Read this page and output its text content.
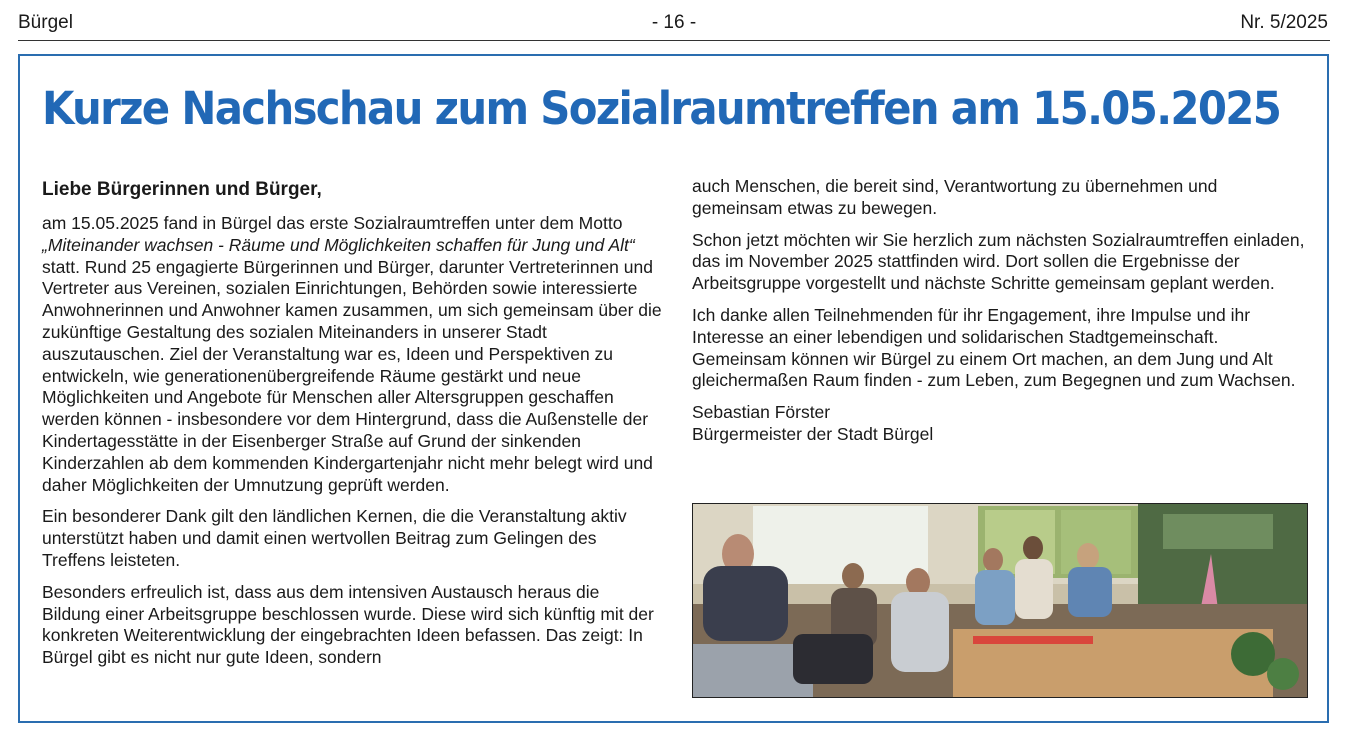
Bürgel	- 16 -	Nr. 5/2025
Kurze Nachschau zum Sozialraumtreffen am 15.05.2025

Liebe Bürgerinnen und Bürger,

am 15.05.2025 fand in Bürgel das erste Sozialraumtreffen unter dem Motto „Miteinander wachsen - Räume und Möglichkeiten schaffen für Jung und Alt“ statt. Rund 25 engagierte Bürgerinnen und Bürger, darunter Vertreterinnen und Vertreter aus Vereinen, sozialen Einrichtungen, Behörden sowie interessierte Anwohnerinnen und Anwohner kamen zusammen, um sich gemeinsam über die zukünftige Gestaltung des sozialen Miteinanders in unserer Stadt auszutauschen. Ziel der Veranstaltung war es, Ideen und Perspektiven zu entwickeln, wie generationenübergreifende Räume gestärkt und neue Möglichkeiten und Angebote für Menschen aller Altersgruppen geschaffen werden können - insbesondere vor dem Hintergrund, dass die Außenstelle der Kindertagesstätte in der Eisenberger Straße auf Grund der sinkenden Kinderzahlen ab dem kommenden Kindergartenjahr nicht mehr belegt wird und daher Möglichkeiten der Umnutzung geprüft werden.

Ein besonderer Dank gilt den ländlichen Kernen, die die Veranstaltung aktiv unterstützt haben und damit einen wertvollen Beitrag zum Gelingen des Treffens leisteten.

Besonders erfreulich ist, dass aus dem intensiven Austausch heraus die Bildung einer Arbeitsgruppe beschlossen wurde. Diese wird sich künftig mit der konkreten Weiterentwicklung der eingebrachten Ideen befassen. Das zeigt: In Bürgel gibt es nicht nur gute Ideen, sondern

auch Menschen, die bereit sind, Verantwortung zu übernehmen und gemeinsam etwas zu bewegen.

Schon jetzt möchten wir Sie herzlich zum nächsten Sozialraumtreffen einladen, das im November 2025 stattfinden wird. Dort sollen die Ergebnisse der Arbeitsgruppe vorgestellt und nächste Schritte gemeinsam geplant werden.

Ich danke allen Teilnehmenden für ihr Engagement, ihre Impulse und ihr Interesse an einer lebendigen und solidarischen Stadtgemeinschaft. Gemeinsam können wir Bürgel zu einem Ort machen, an dem Jung und Alt gleichermaßen Raum finden - zum Leben, zum Begegnen und zum Wachsen.

Sebastian Förster

Bürgermeister der Stadt Bürgel
